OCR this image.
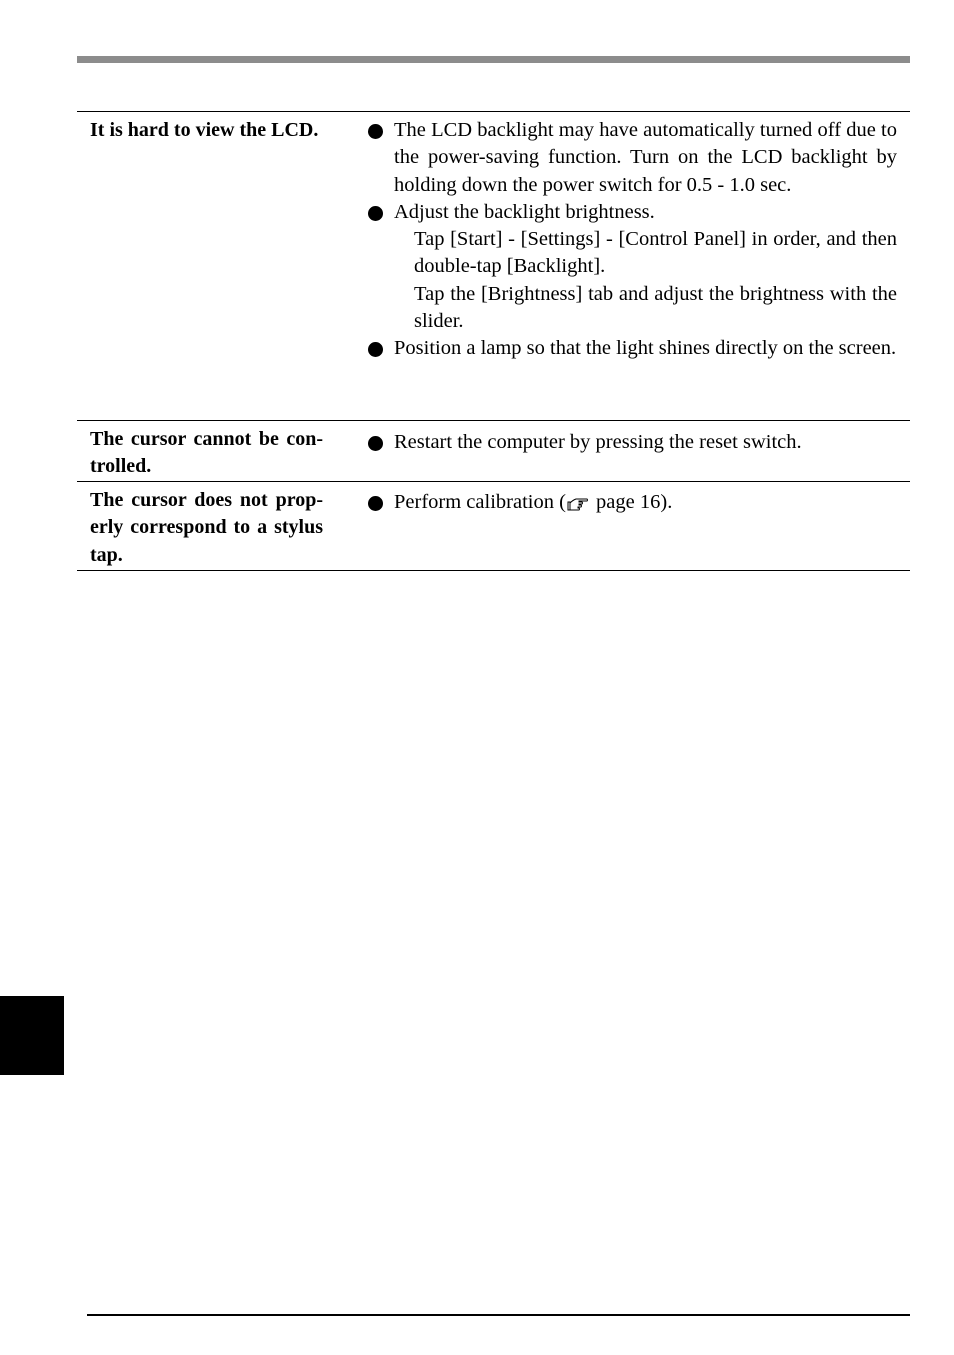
It is hard to view the LCD.	The LCD backlight may have automatically turned off due to the power-saving function. Turn on the LCD backlight by holding down the power switch for 0.5 - 1.0 sec.
Adjust the backlight brightness.
Tap [Start] - [Settings] - [Control Panel] in order, and then double-tap [Backlight].
Tap the [Brightness] tab and adjust the brightness with the slider.
Position a lamp so that the light shines directly on the screen.
The cursor cannot be con-trolled.
Restart the computer by pressing the reset switch.
The cursor does not prop-erly correspond to a stylus tap.
Perform calibration ( page 16).
